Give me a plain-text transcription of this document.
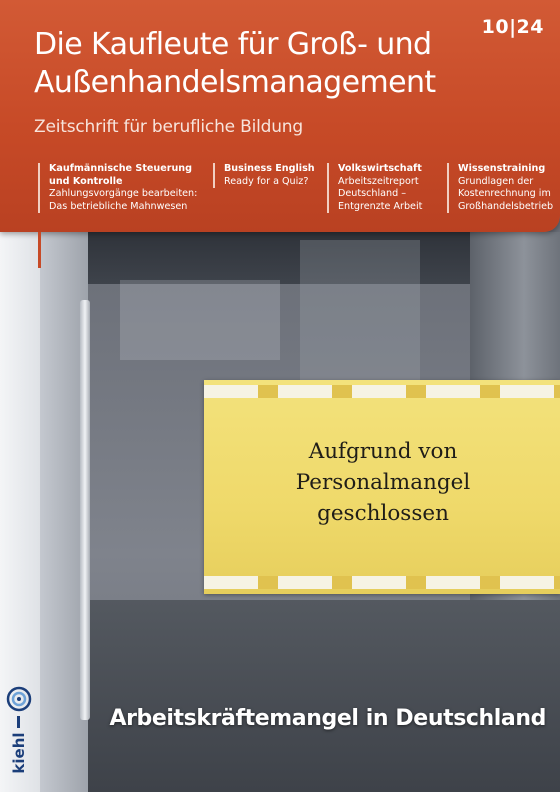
10|24
Die Kaufleute für Groß- und Außenhandelsmanagement
Zeitschrift für berufliche Bildung
Kaufmännische Steuerung und Kontrolle
Zahlungsvorgänge bearbeiten: Das betriebliche Mahnwesen
Business English
Ready for a Quiz?
Volkswirtschaft
Arbeitszeitreport Deutschland – Entgrenzte Arbeit
Wissenstraining
Grundlagen der Kostenrechnung im Großhandelsbetrieb
Aufgrund von
Personalmangel
geschlossen
Arbeitskräftemangel in Deutschland
kiehl
